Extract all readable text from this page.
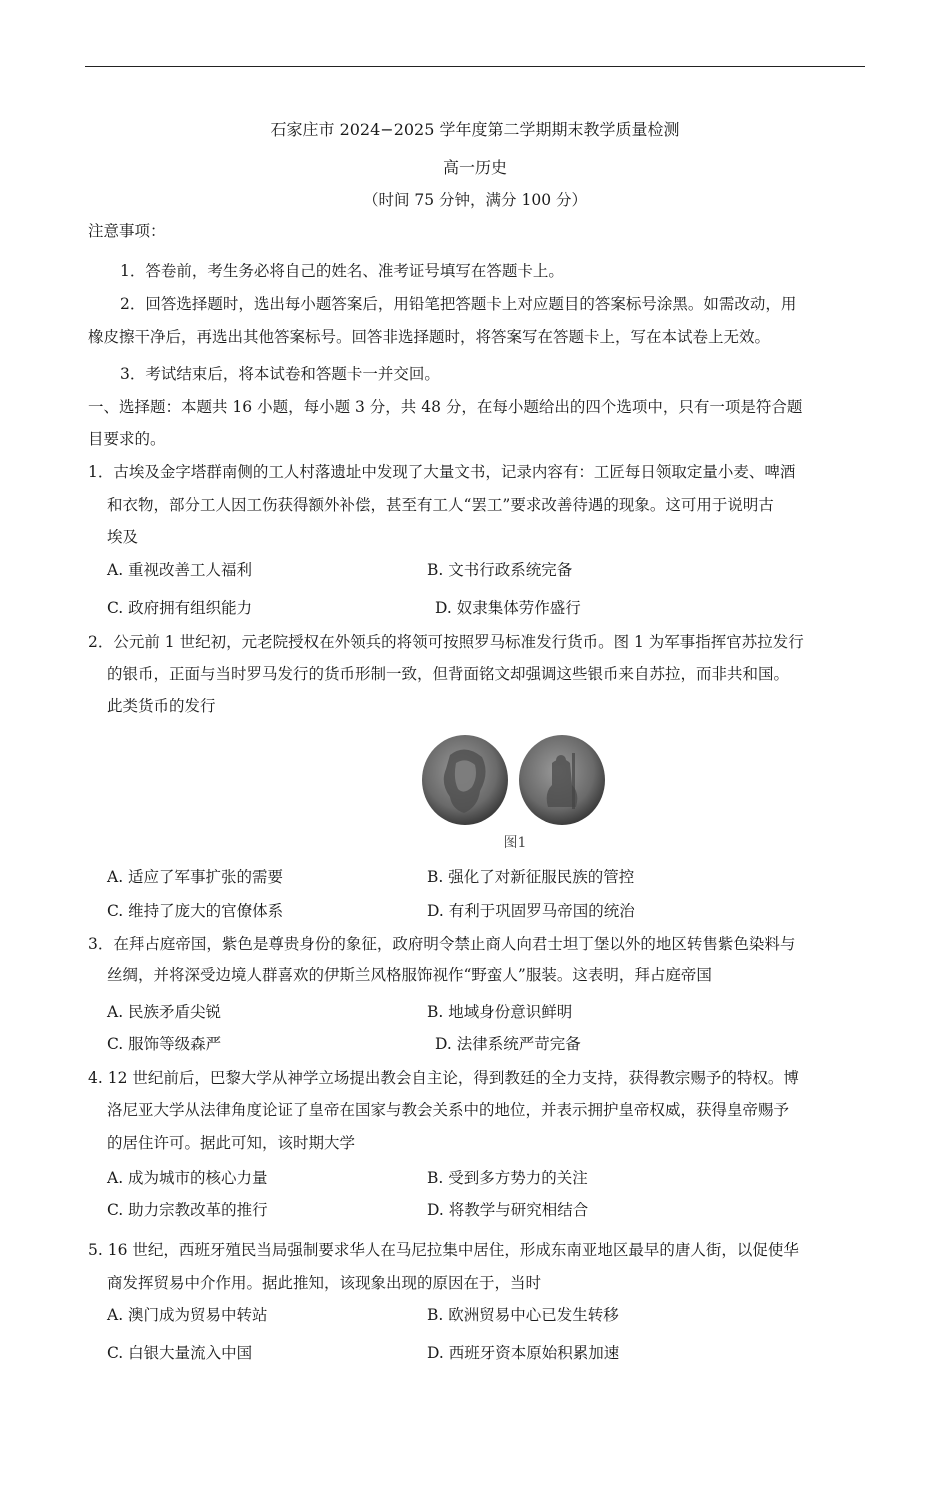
石家庄市 2024−2025 学年度第二学期期末教学质量检测
高一历史
（时间 75 分钟，满分 100 分）
注意事项：
1．答卷前，考生务必将自己的姓名、准考证号填写在答题卡上。
2．回答选择题时，选出每小题答案后，用铅笔把答题卡上对应题目的答案标号涂黑。如需改动，用
橡皮擦干净后，再选出其他答案标号。回答非选择题时，将答案写在答题卡上，写在本试卷上无效。
3．考试结束后，将本试卷和答题卡一并交回。
一、选择题：本题共 16 小题，每小题 3 分，共 48 分，在每小题给出的四个选项中，只有一项是符合题
目要求的。
1．古埃及金字塔群南侧的工人村落遗址中发现了大量文书，记录内容有：工匠每日领取定量小麦、啤酒
和衣物，部分工人因工伤获得额外补偿，甚至有工人“罢工”要求改善待遇的现象。这可用于说明古
埃及
A. 重视改善工人福利	B. 文书行政系统完备
C. 政府拥有组织能力	D. 奴隶集体劳作盛行
2．公元前 1 世纪初，元老院授权在外领兵的将领可按照罗马标准发行货币。图 1 为军事指挥官苏拉发行
的银币，正面与当时罗马发行的货币形制一致，但背面铭文却强调这些银币来自苏拉，而非共和国。
此类货币的发行
图1
A. 适应了军事扩张的需要	B. 强化了对新征服民族的管控
C. 维持了庞大的官僚体系	D. 有利于巩固罗马帝国的统治
3．在拜占庭帝国，紫色是尊贵身份的象征，政府明令禁止商人向君士坦丁堡以外的地区转售紫色染料与
丝绸，并将深受边境人群喜欢的伊斯兰风格服饰视作“野蛮人”服装。这表明，拜占庭帝国
A. 民族矛盾尖锐	B. 地域身份意识鲜明
C. 服饰等级森严	D. 法律系统严苛完备
4. 12 世纪前后，巴黎大学从神学立场提出教会自主论，得到教廷的全力支持，获得教宗赐予的特权。博
洛尼亚大学从法律角度论证了皇帝在国家与教会关系中的地位，并表示拥护皇帝权威，获得皇帝赐予
的居住许可。据此可知，该时期大学
A. 成为城市的核心力量	B. 受到多方势力的关注
C. 助力宗教改革的推行	D. 将教学与研究相结合
5. 16 世纪，西班牙殖民当局强制要求华人在马尼拉集中居住，形成东南亚地区最早的唐人街，以促使华
商发挥贸易中介作用。据此推知，该现象出现的原因在于，当时
A. 澳门成为贸易中转站	B. 欧洲贸易中心已发生转移
C. 白银大量流入中国	D. 西班牙资本原始积累加速
